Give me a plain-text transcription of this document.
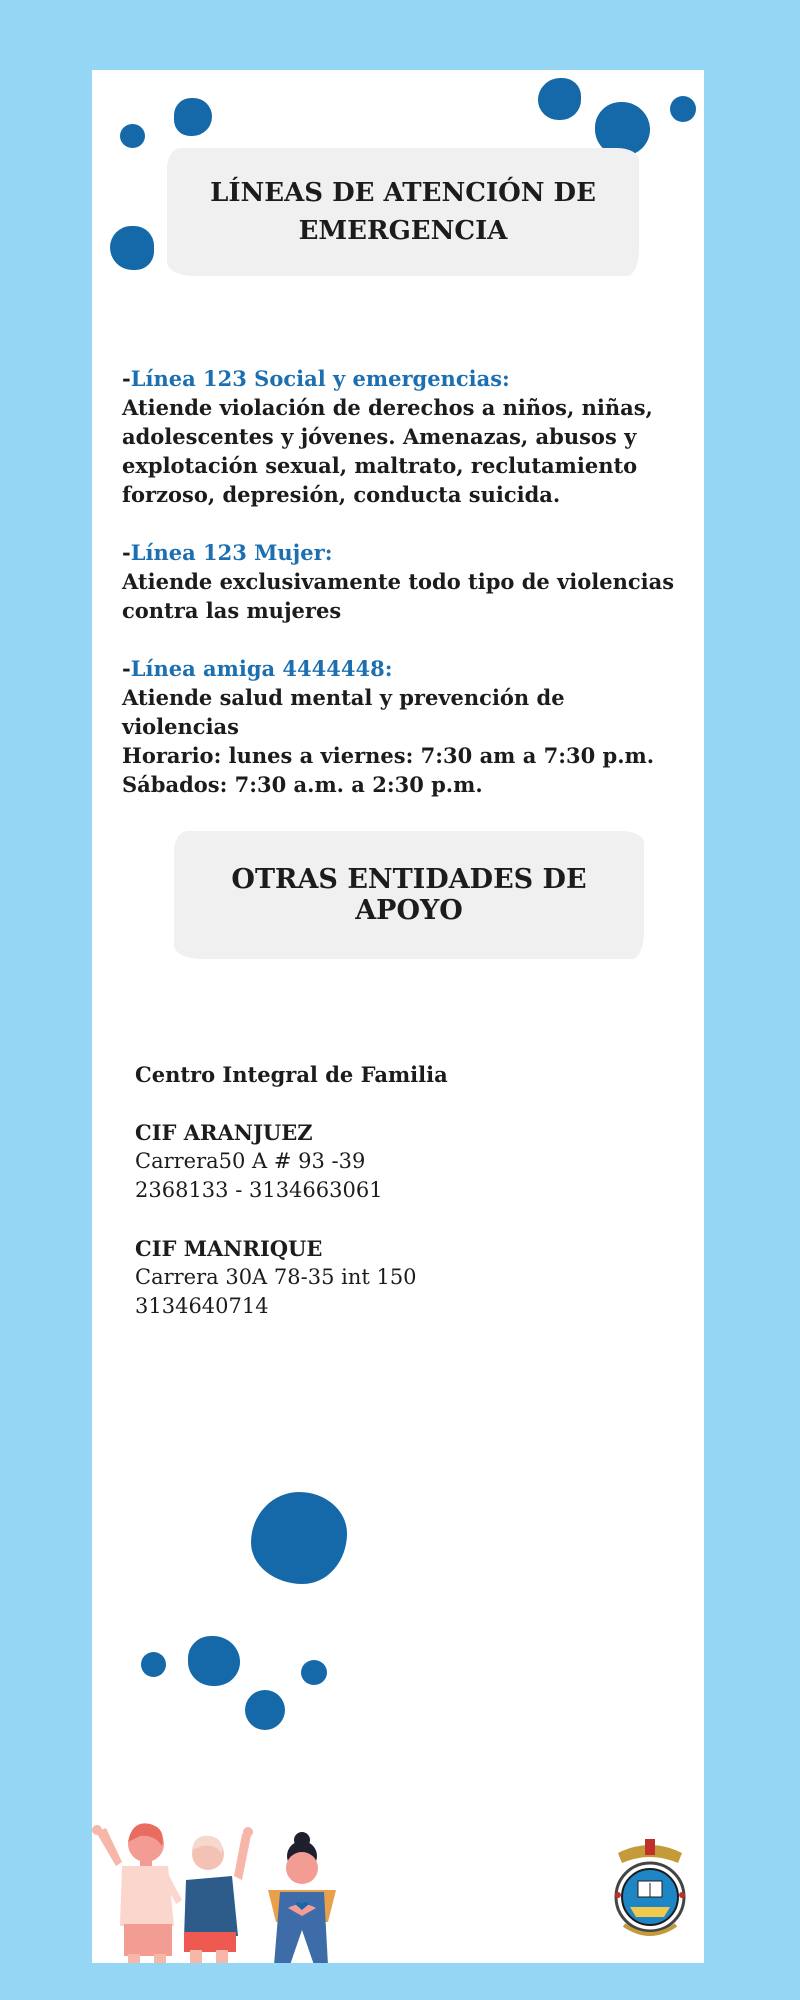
LÍNEAS DE ATENCIÓN DE EMERGENCIA

-Línea 123 Social y emergencias:

Atiende violación de derechos a niños, niñas, adolescentes y jóvenes. Amenazas, abusos y explotación sexual, maltrato, reclutamiento forzoso, depresión, conducta suicida.

-Línea 123 Mujer:

Atiende exclusivamente todo tipo de violencias contra las mujeres

-Línea amiga 4444448:

Atiende salud mental y prevención de violencias

Horario: lunes a viernes: 7:30 am a 7:30 p.m.

Sábados: 7:30 a.m. a 2:30 p.m.

OTRAS ENTIDADES DE APOYO

Centro Integral de Familia

CIF ARANJUEZ

Carrera50 A # 93 -39

2368133 - 3134663061

CIF MANRIQUE

Carrera 30A 78-35 int 150

3134640714
